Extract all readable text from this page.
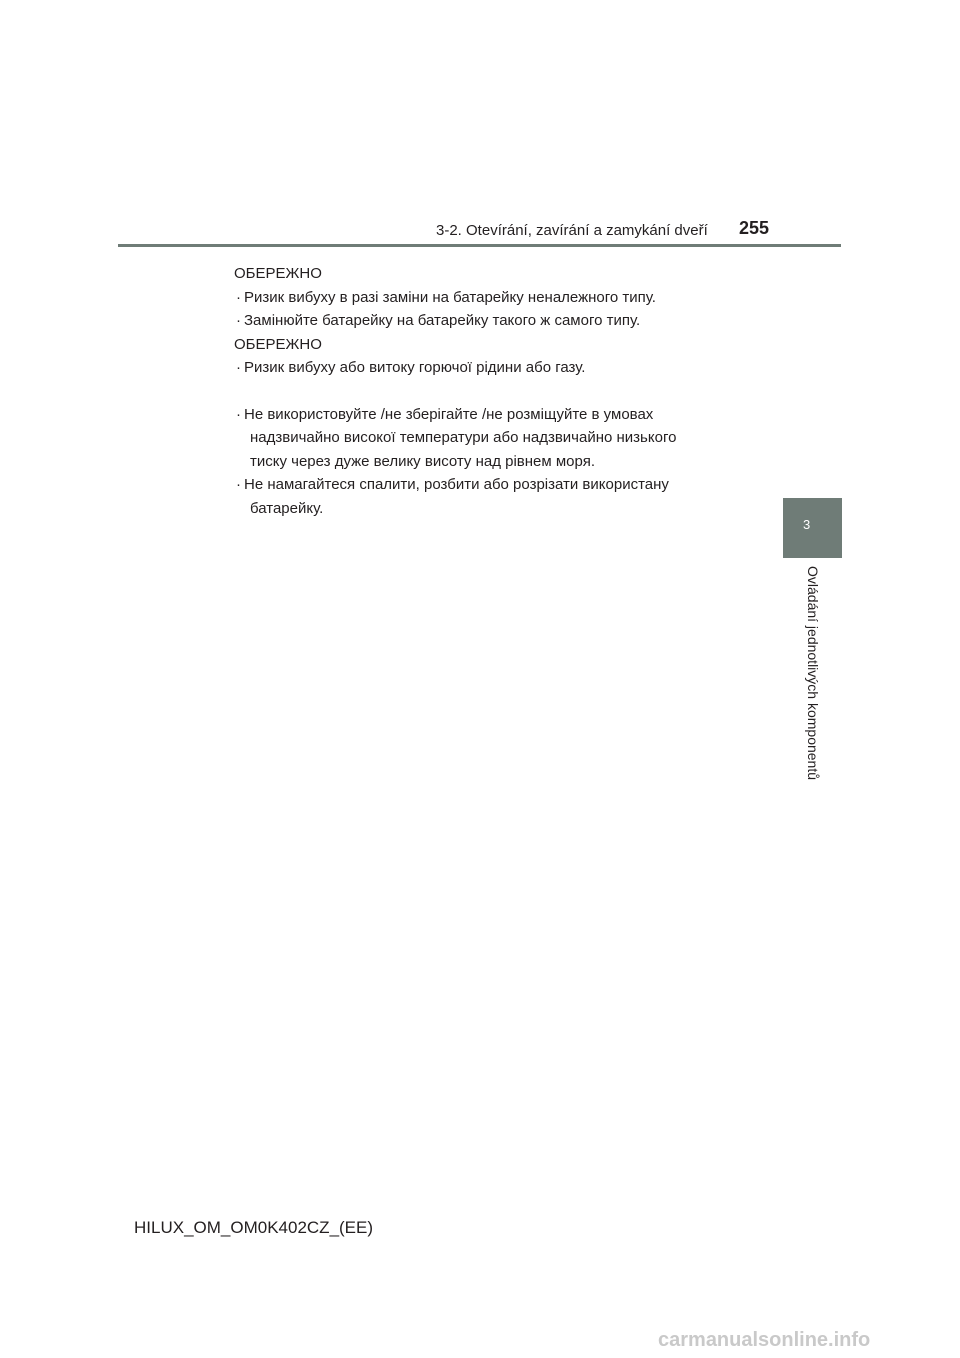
3-2. Otevírání, zavírání a zamykání dveří 255
3
Ovládání jednotlivých komponentů
ОБЕРЕЖНО
· Ризик вибуху в разі заміни на батарейку неналежного типу.
· Замінюйте батарейку на батарейку такого ж самого типу.
ОБЕРЕЖНО
· Ризик вибуху або витоку горючої рідини або газу.
· Не використовуйте /не зберігайте /не розміщуйте в умовах
надзвичайно високої температури або надзвичайно низького
тиску через дуже велику висоту над рівнем моря.
· Не намагайтеся спалити, розбити або розрізати використану
батарейку.
HILUX_OM_OM0K402CZ_(EE)
carmanualsonline.info
